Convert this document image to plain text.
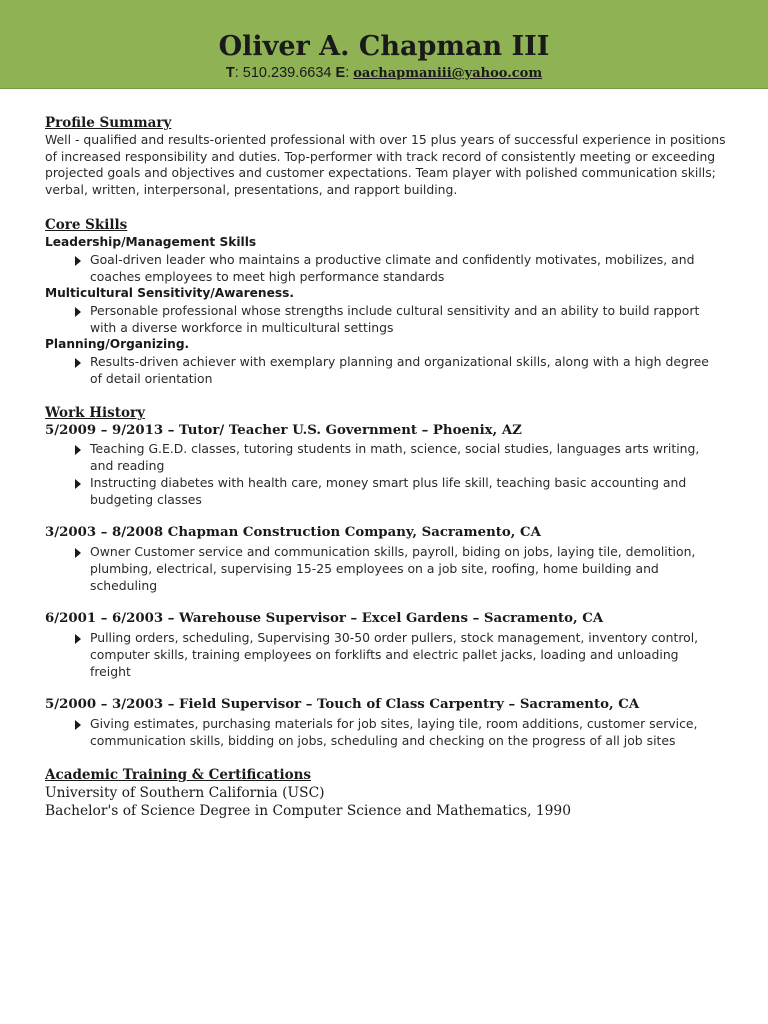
Oliver A. Chapman III
T: 510.239.6634 E: oachapmaniii@yahoo.com
Profile Summary

Well - qualified and results-oriented professional with over 15 plus years of successful experience in positions of increased responsibility and duties. Top-performer with track record of consistently meeting or exceeding projected goals and objectives and customer expectations. Team player with polished communication skills; verbal, written, interpersonal, presentations, and rapport building.

Core Skills
Leadership/Management Skills
Goal-driven leader who maintains a productive climate and confidently motivates, mobilizes, and coaches employees to meet high performance standards
Multicultural Sensitivity/Awareness.
Personable professional whose strengths include cultural sensitivity and an ability to build rapport with a diverse workforce in multicultural settings
Planning/Organizing.
Results-driven achiever with exemplary planning and organizational skills, along with a high degree of detail orientation
Work History
5/2009 – 9/2013 – Tutor/ Teacher U.S. Government – Phoenix, AZ
Teaching G.E.D. classes, tutoring students in math, science, social studies, languages arts writing, and reading
Instructing diabetes with health care, money smart plus life skill, teaching basic accounting and budgeting classes
3/2003 – 8/2008 Chapman Construction Company, Sacramento, CA
Owner Customer service and communication skills, payroll, biding on jobs, laying tile, demolition, plumbing, electrical, supervising 15-25 employees on a job site, roofing, home building and scheduling
6/2001 – 6/2003 – Warehouse Supervisor – Excel Gardens – Sacramento, CA
Pulling orders, scheduling, Supervising 30-50 order pullers, stock management, inventory control, computer skills, training employees on forklifts and electric pallet jacks, loading and unloading freight
5/2000 – 3/2003 – Field Supervisor – Touch of Class Carpentry – Sacramento, CA
Giving estimates, purchasing materials for job sites, laying tile, room additions, customer service, communication skills, bidding on jobs, scheduling and checking on the progress of all job sites
Academic Training & Certifications
University of Southern California (USC)
Bachelor's of Science Degree in Computer Science and Mathematics, 1990
